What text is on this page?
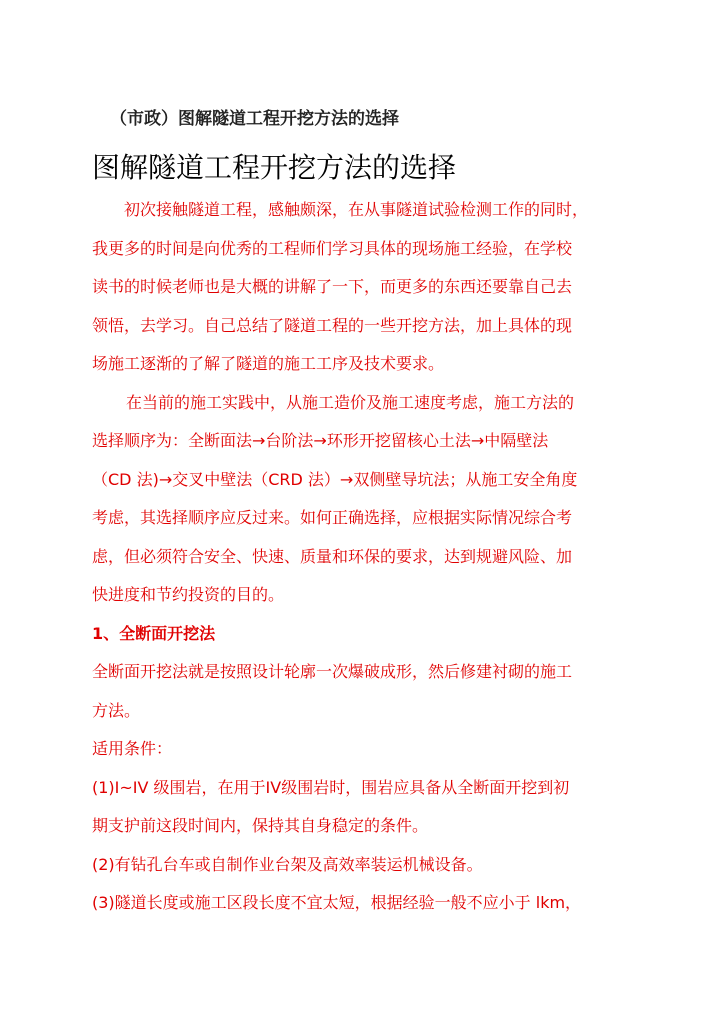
（市政）图解隧道工程开挖方法的选择
图解隧道工程开挖方法的选择

初次接触隧道工程，感触颇深，在从事隧道试验检测工作的同时，
我更多的时间是向优秀的工程师们学习具体的现场施工经验，在学校
读书的时候老师也是大概的讲解了一下，而更多的东西还要靠自己去
领悟，去学习。自己总结了隧道工程的一些开挖方法，加上具体的现
场施工逐渐的了解了隧道的施工工序及技术要求。

在当前的施工实践中，从施工造价及施工速度考虑，施工方法的
选择顺序为：全断面法→台阶法→环形开挖留核心土法→中隔壁法
（CD 法)→交叉中壁法（CRD 法）→双侧壁导坑法；从施工安全角度
考虑，其选择顺序应反过来。如何正确选择，应根据实际情况综合考
虑，但必须符合安全、快速、质量和环保的要求，达到规避风险、加
快进度和节约投资的目的。

1、全断面开挖法

全断面开挖法就是按照设计轮廓一次爆破成形，然后修建衬砌的施工
方法。

适用条件：

(1)I~IV 级围岩，在用于IV级围岩时，围岩应具备从全断面开挖到初
期支护前这段时间内，保持其自身稳定的条件。

(2)有钻孔台车或自制作业台架及高效率装运机械设备。

(3)隧道长度或施工区段长度不宜太短，根据经验一般不应小于 lkm，
